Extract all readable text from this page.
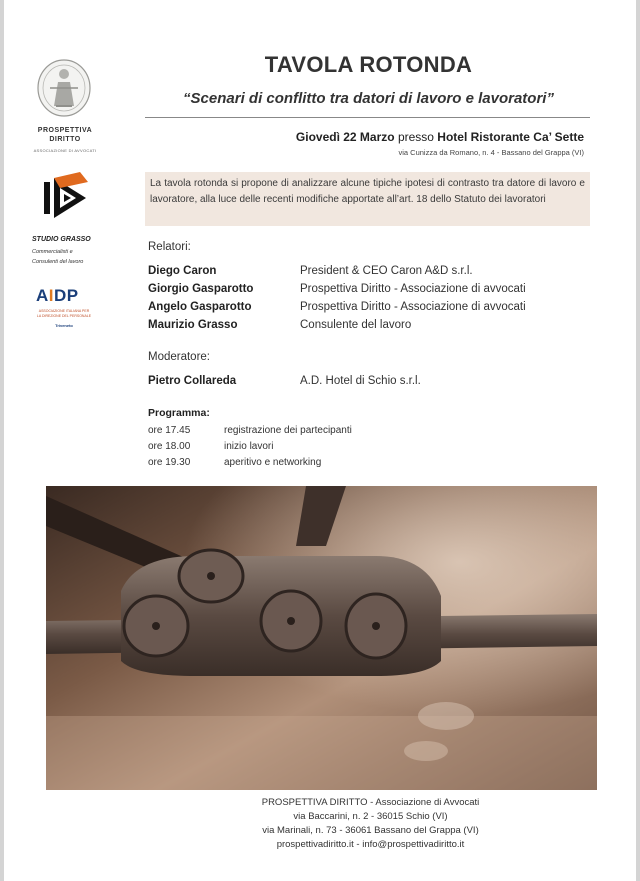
PROSPETTIVA
DIRITTO
ASSOCIAZIONE DI AVVOCATI
STUDIO GRASSO
Commercialisti e
Consulenti del lavoro
AIDP
ASSOCIAZIONE ITALIANA PER
LA DIREZIONE DEL PERSONALE
Triveneto
TAVOLA ROTONDA
“Scenari di conflitto tra datori di lavoro e lavoratori”
Giovedì 22 Marzo presso Hotel Ristorante Ca’ Sette
via Cunizza da Romano, n. 4 - Bassano del Grappa (VI)
La tavola rotonda si propone di analizzare alcune tipiche ipotesi di contrasto tra datore di lavoro e lavoratore, alla luce delle recenti modifiche apportate all’art. 18 dello Statuto dei lavoratori
Relatori:
Diego Caron	President & CEO Caron A&D s.r.l.
Giorgio Gasparotto	Prospettiva Diritto - Associazione di avvocati
Angelo Gasparotto	Prospettiva Diritto - Associazione di avvocati
Maurizio Grasso	Consulente del lavoro
Moderatore:
Pietro Collareda	A.D. Hotel di Schio s.r.l.
Programma:
ore 17.45	registrazione dei partecipanti
ore 18.00	inizio lavori
ore 19.30	aperitivo e networking
PROSPETTIVA DIRITTO - Associazione di Avvocati
via Baccarini, n. 2 - 36015 Schio (VI)
via Marinali, n. 73 - 36061 Bassano del Grappa (VI)
prospettivadiritto.it - info@prospettivadiritto.it
